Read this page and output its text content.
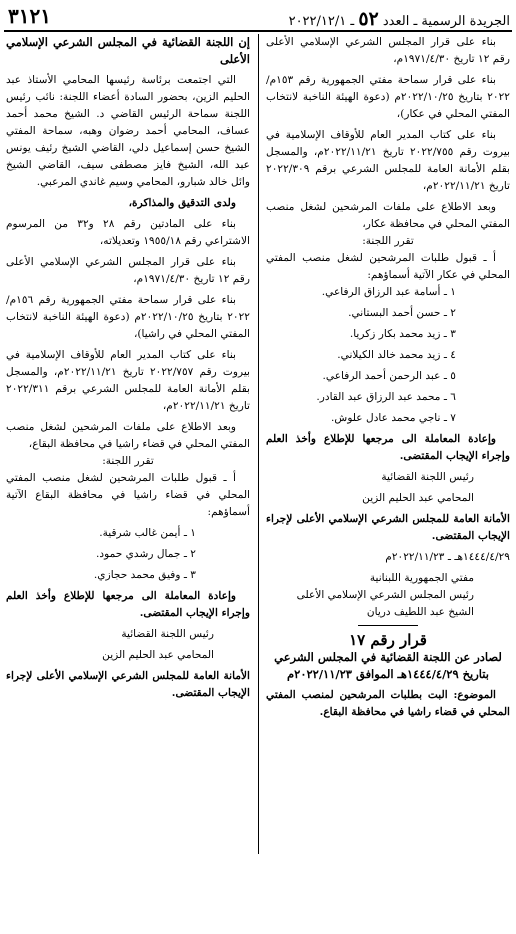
الجريدة الرسمية ـ العدد ٥٢ ـ ٢٠٢٢/١٢/١
٣١٢١

بناء على قرار المجلس الشرعي الإسلامي الأعلى رقم ١٢ تاريخ ١٩٧١/٤/٣٠م،

بناء على قرار سماحة مفتي الجمهورية رقم ١٥٣م/٢٠٢٢ بتاريخ ٢٠٢٢/١٠/٢٥م (دعوة الهيئة الناخبة لانتخاب المفتي المحلي في عكار)،

بناء على كتاب المدير العام للأوقاف الإسلامية في بيروت رقم ٢٠٢٢/٧٥٥ تاريخ ٢٠٢٢/١١/٢١م، والمسجل بقلم الأمانة العامة للمجلس الشرعي برقم ٢٠٢٢/٣٠٩ تاريخ ٢٠٢٢/١١/٢١م،

وبعد الاطلاع على ملفات المرشحين لشغل منصب المفتي المحلي في محافظة عكار،

تقرر اللجنة:

أ ـ قبول طلبات المرشحين لشغل منصب المفتي المحلي في عكار الآتية أسماؤهم:

١ ـ أسامة عبد الرزاق الرفاعي.

٢ ـ حسن أحمد البستاني.

٣ ـ زيد محمد بكار زكريا.

٤ ـ زيد محمد خالد الكيلاني.

٥ ـ عبد الرحمن أحمد الرفاعي.

٦ ـ محمد عبد الرزاق عبد القادر.

٧ ـ ناجي محمد عادل علوش.

وإعادة المعاملة الى مرجعها للإطلاع وأخذ العلم وإجراء الإيجاب المقتضى.

رئيس اللجنة القضائية

المحامي عبد الحليم الزين

الأمانة العامة للمجلس الشرعي الإسلامي الأعلى لإجراء الإيجاب المقتضى.

١٤٤٤/٤/٢٩هـ ـ ٢٠٢٢/١١/٢٣م

مفتي الجمهورية اللبنانية

رئيس المجلس الشرعي الإسلامي الأعلى

الشيخ عبد اللطيف دريان

قرار رقم ١٧

لصادر عن اللجنة القضائية في المجلس الشرعي بتاريخ ١٤٤٤/٤/٢٩هـ الموافق ٢٠٢٢/١١/٢٣م

الموضوع: البت بطلبات المرشحين لمنصب المفتي المحلي في قضاء راشيا في محافظة البقاع.

إن اللجنة القضائية في المجلس الشرعي الإسلامي الأعلى

التي اجتمعت برئاسة رئيسها المحامي الأستاذ عبد الحليم الزين، بحضور السادة أعضاء اللجنة: نائب رئيس اللجنة سماحة الرئيس القاضي د. الشيخ محمد أحمد عساف، المحامي أحمد رضوان وهبه، سماحة المفتي الشيخ حسن إسماعيل دلي، القاضي الشيخ رئيف يونس عبد الله، الشيخ فايز مصطفى سيف، القاضي الشيخ وائل خالد شبارو، المحامي وسيم غاندي المرعبي.

ولدى التدقيق والمذاكرة،

بناء على المادتين رقم ٢٨ و٣٢ من المرسوم الاشتراعي رقم ١٩٥٥/١٨ وتعديلاته،

بناء على قرار المجلس الشرعي الإسلامي الأعلى رقم ١٢ تاريخ ١٩٧١/٤/٣٠م،

بناء على قرار سماحة مفتي الجمهورية رقم ١٥٦م/٢٠٢٢ بتاريخ ٢٠٢٢/١٠/٢٥م (دعوة الهيئة الناخبة لانتخاب المفتي المحلي في راشيا)،

بناء على كتاب المدير العام للأوقاف الإسلامية في بيروت رقم ٢٠٢٢/٧٥٧ تاريخ ٢٠٢٢/١١/٢١م، والمسجل بقلم الأمانة العامة للمجلس الشرعي برقم ٢٠٢٢/٣١١ تاريخ ٢٠٢٢/١١/٢١م،

وبعد الاطلاع على ملفات المرشحين لشغل منصب المفتي المحلي في قضاء راشيا في محافظة البقاع،

تقرر اللجنة:

أ ـ قبول طلبات المرشحين لشغل منصب المفتي المحلي في قضاء راشيا في محافظة البقاع الآتية أسماؤهم:

١ ـ أيمن غالب شرقية.

٢ ـ جمال رشدي حمود.

٣ ـ وفيق محمد حجازي.

وإعادة المعاملة الى مرجعها للإطلاع وأخذ العلم وإجراء الإيجاب المقتضى.

رئيس اللجنة القضائية

المحامي عبد الحليم الزين

الأمانة العامة للمجلس الشرعي الإسلامي الأعلى لإجراء الإيجاب المقتضى.
